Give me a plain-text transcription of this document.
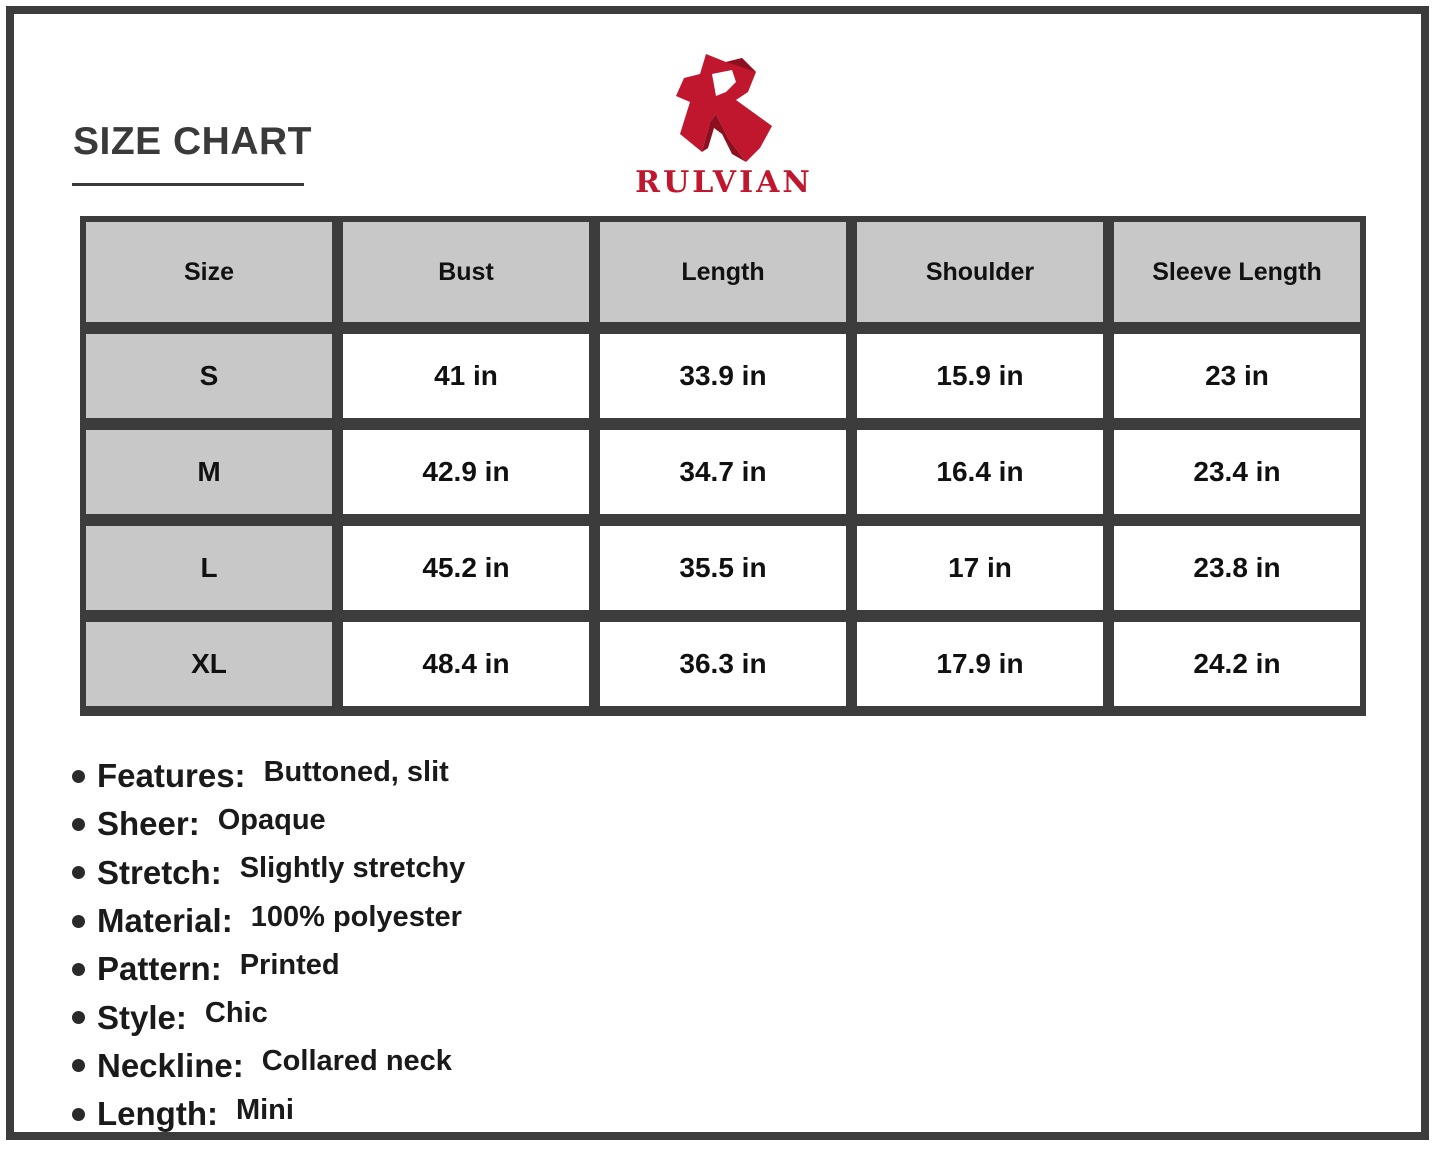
SIZE CHART
RULVIAN
Size	Bust	Length	Shoulder	Sleeve Length
S	41 in	33.9 in	15.9 in	23 in
M	42.9 in	34.7 in	16.4 in	23.4 in
L	45.2 in	35.5 in	17 in	23.8 in
XL	48.4 in	36.3 in	17.9 in	24.2 in
Features: Buttoned, slit
Sheer: Opaque
Stretch: Slightly stretchy
Material: 100% polyester
Pattern: Printed
Style: Chic
Neckline: Collared neck
Length: Mini
